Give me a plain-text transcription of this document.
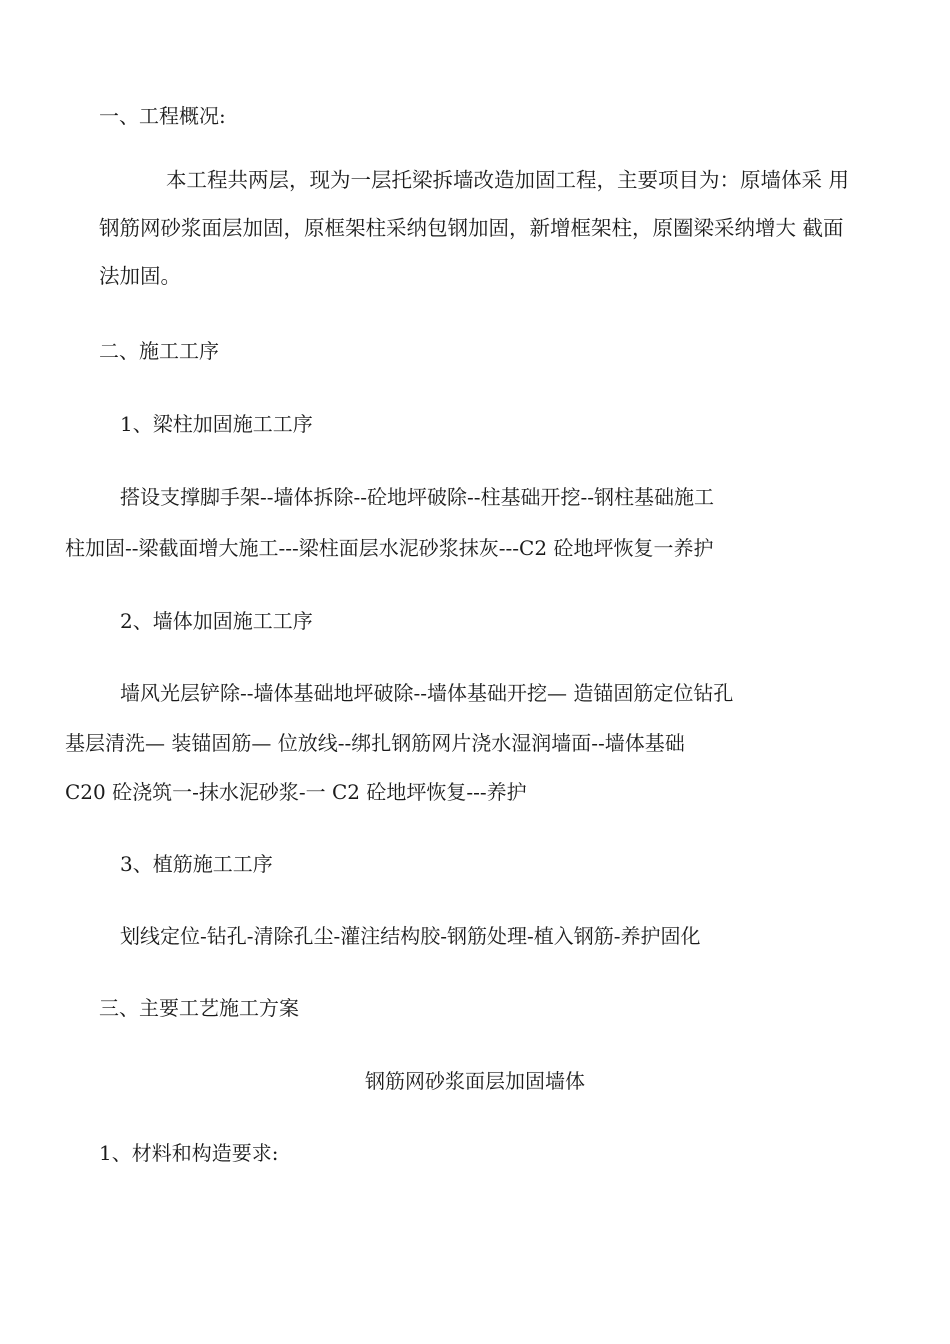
一、工程概况:

本工程共两层，现为一层托梁拆墙改造加固工程，主要项目为：原墙体采 用

钢筋网砂浆面层加固，原框架柱采纳包钢加固，新增框架柱，原圈梁采纳增大 截面

法加固。

二、施工工序

1、梁柱加固施工工序

搭设支撑脚手架--墙体拆除--砼地坪破除--柱基础开挖--钢柱基础施工

柱加固--梁截面增大施工---梁柱面层水泥砂浆抹灰---C2 砼地坪恢复一养护

2、墙体加固施工工序

墙风光层铲除--墙体基础地坪破除--墙体基础开挖— 造锚固筋定位钻孔

基层清洗— 装锚固筋— 位放线--绑扎钢筋网片浇水湿润墙面--墙体基础

C20 砼浇筑一-抹水泥砂浆-一 C2 砼地坪恢复---养护

3、植筋施工工序

划线定位-钻孔-清除孔尘-灌注结构胶-钢筋处理-植入钢筋-养护固化

三、主要工艺施工方案

钢筋网砂浆面层加固墙体

1、材料和构造要求:
